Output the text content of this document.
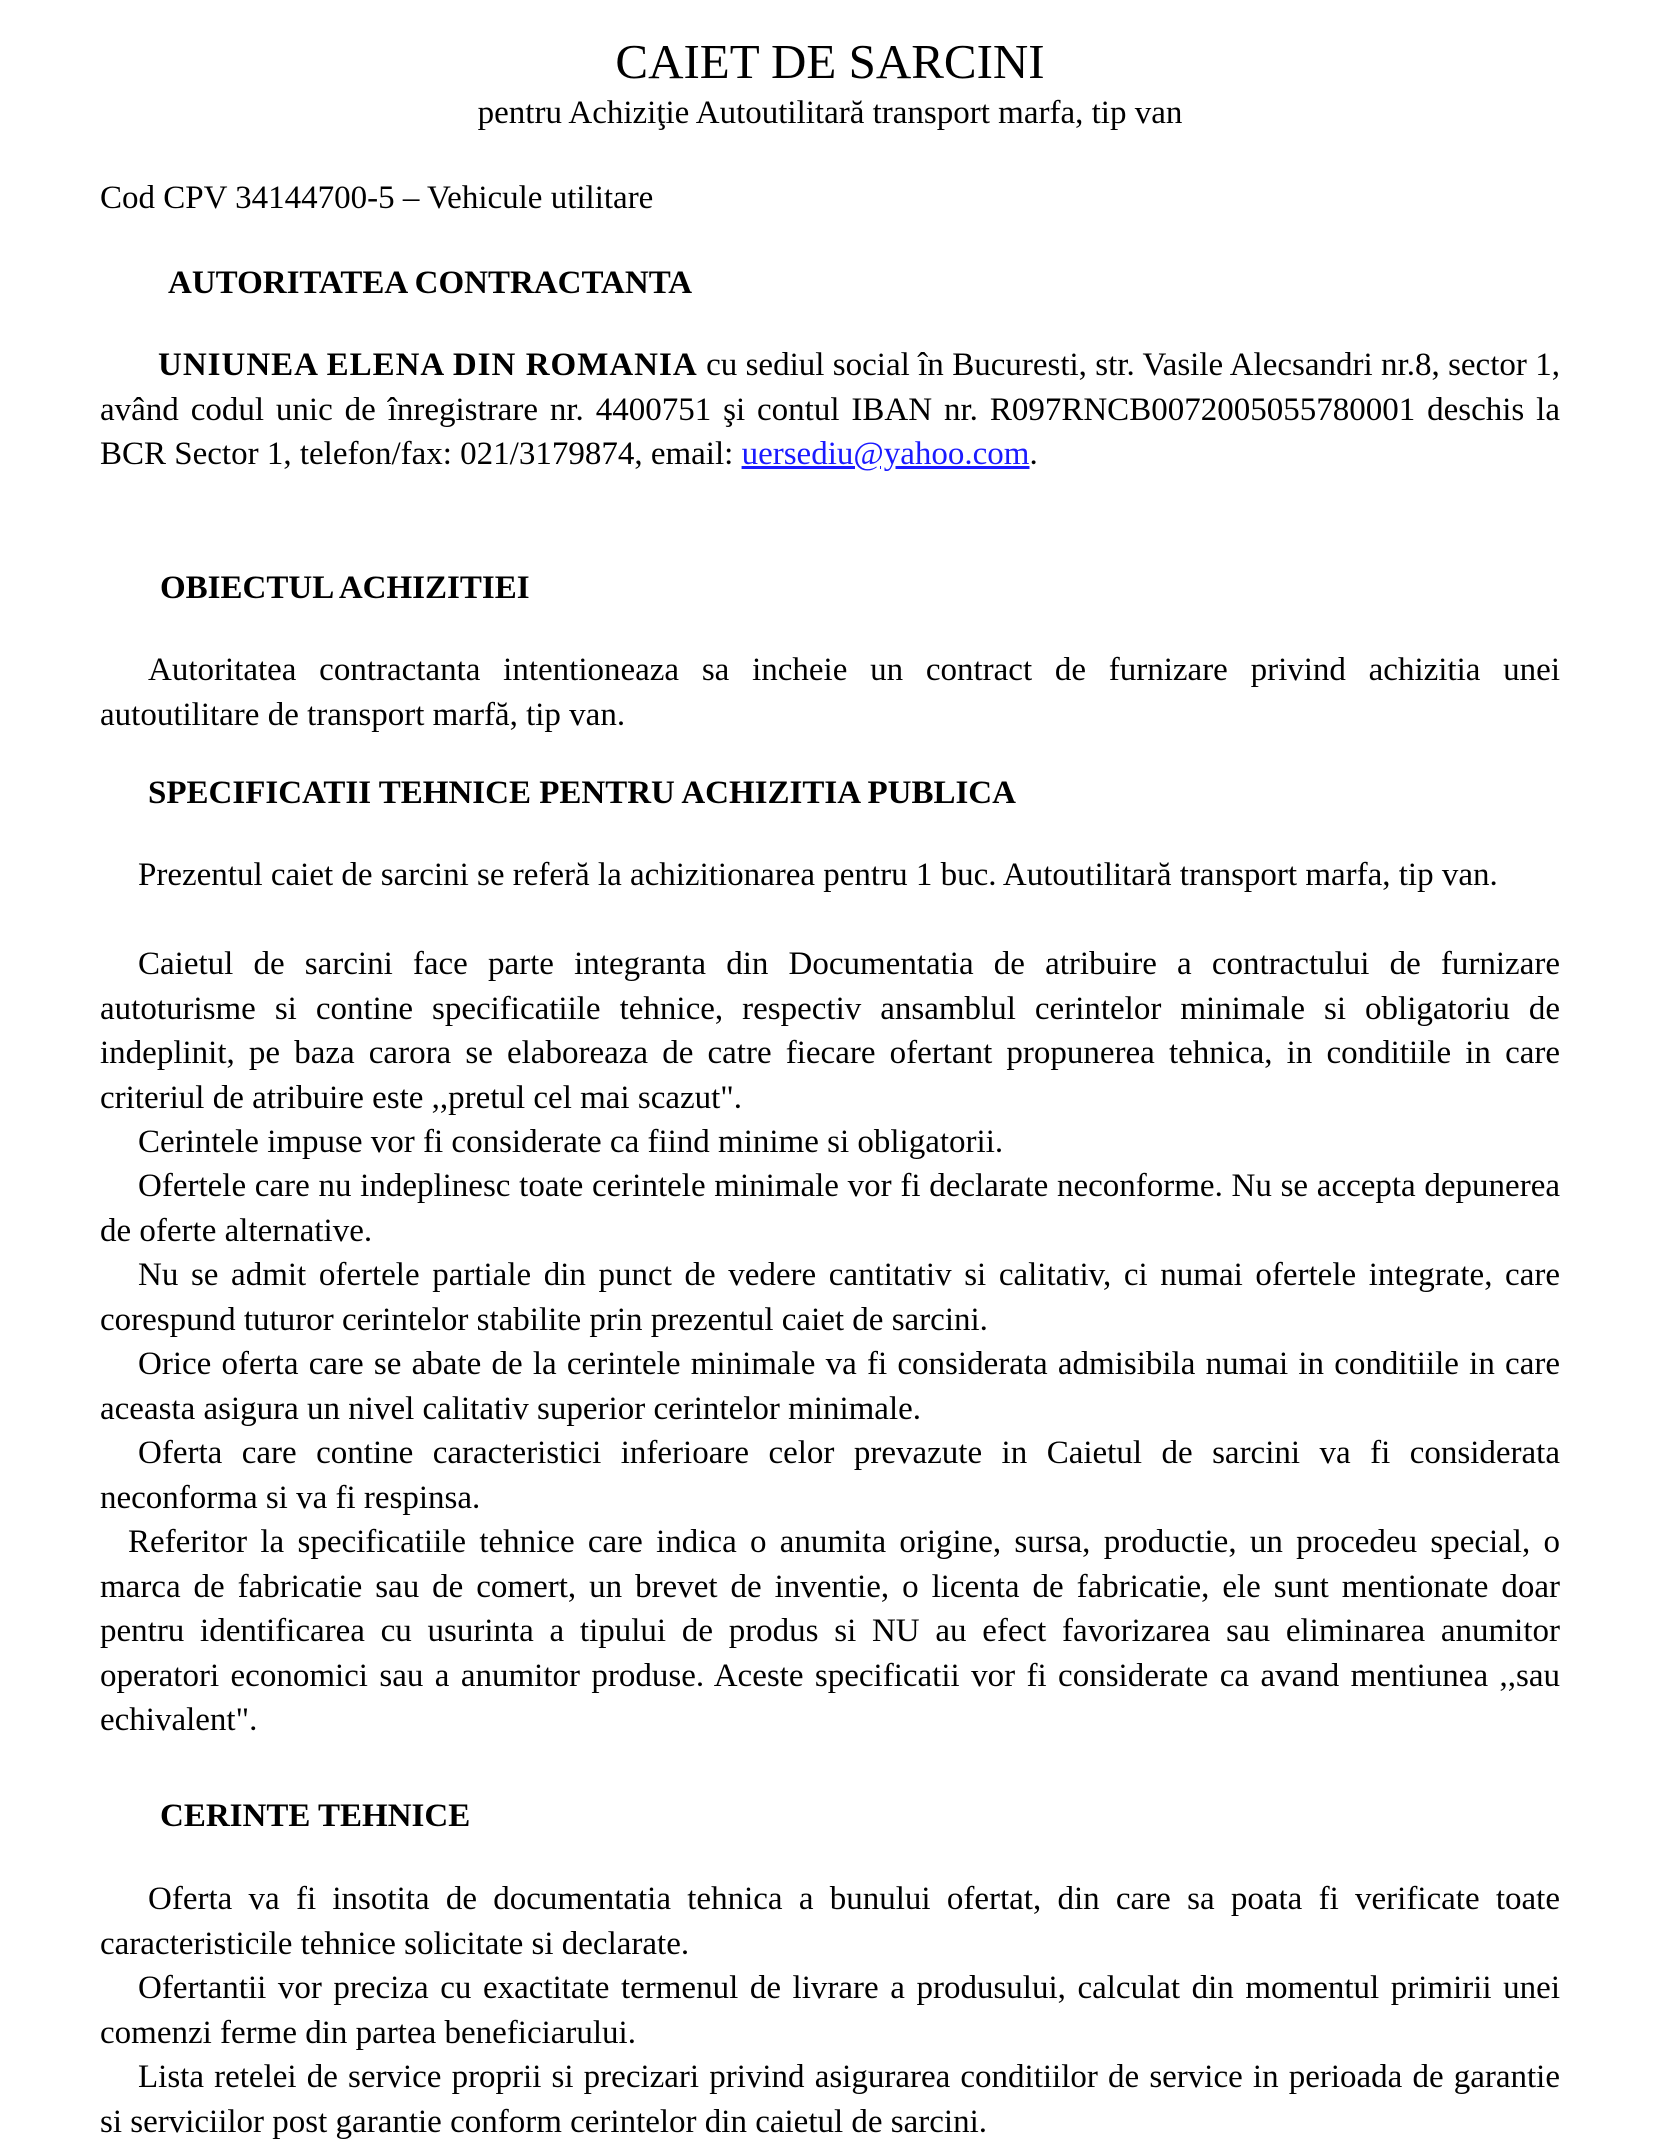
CAIET DE SARCINI

pentru Achiziţie Autoutilitară transport marfa, tip van

Cod CPV 34144700-5 – Vehicule utilitare

AUTORITATEA CONTRACTANTA

UNIUNEA ELENA DIN ROMANIA cu sediul social în Bucuresti, str. Vasile Alecsandri nr.8, sector 1, având codul unic de înregistrare nr. 4400751 şi contul IBAN nr. R097RNCB0072005055780001 deschis la BCR Sector 1, telefon/fax: 021/3179874, email: uersediu@yahoo.com.

OBIECTUL ACHIZITIEI

Autoritatea contractanta intentioneaza sa incheie un contract de furnizare privind achizitia unei autoutilitare de transport marfă, tip van.

SPECIFICATII TEHNICE PENTRU ACHIZITIA PUBLICA

Prezentul caiet de sarcini se referă la achizitionarea pentru 1 buc. Autoutilitară transport marfa, tip van.

Caietul de sarcini face parte integranta din Documentatia de atribuire a contractului de furnizare autoturisme si contine specificatiile tehnice, respectiv ansamblul cerintelor minimale si obligatoriu de indeplinit, pe baza carora se elaboreaza de catre fiecare ofertant propunerea tehnica, in conditiile in care criteriul de atribuire este ,,pretul cel mai scazut".

Cerintele impuse vor fi considerate ca fiind minime si obligatorii.

Ofertele care nu indeplinesc toate cerintele minimale vor fi declarate neconforme. Nu se accepta depunerea de oferte alternative.

Nu se admit ofertele partiale din punct de vedere cantitativ si calitativ, ci numai ofertele integrate, care corespund tuturor cerintelor stabilite prin prezentul caiet de sarcini.

Orice oferta care se abate de la cerintele minimale va fi considerata admisibila numai in conditiile in care aceasta asigura un nivel calitativ superior cerintelor minimale.

Oferta care contine caracteristici inferioare celor prevazute in Caietul de sarcini va fi considerata neconforma si va fi respinsa.

Referitor la specificatiile tehnice care indica o anumita origine, sursa, productie, un procedeu special, o marca de fabricatie sau de comert, un brevet de inventie, o licenta de fabricatie, ele sunt mentionate doar pentru identificarea cu usurinta a tipului de produs si NU au efect favorizarea sau eliminarea anumitor operatori economici sau a anumitor produse. Aceste specificatii vor fi considerate ca avand mentiunea ,,sau echivalent".

CERINTE TEHNICE

Oferta va fi insotita de documentatia tehnica a bunului ofertat, din care sa poata fi verificate toate caracteristicile tehnice solicitate si declarate.

Ofertantii vor preciza cu exactitate termenul de livrare a produsului, calculat din momentul primirii unei comenzi ferme din partea beneficiarului.

Lista retelei de service proprii si precizari privind asigurarea conditiilor de service in perioada de garantie si serviciilor post garantie conform cerintelor din caietul de sarcini.
